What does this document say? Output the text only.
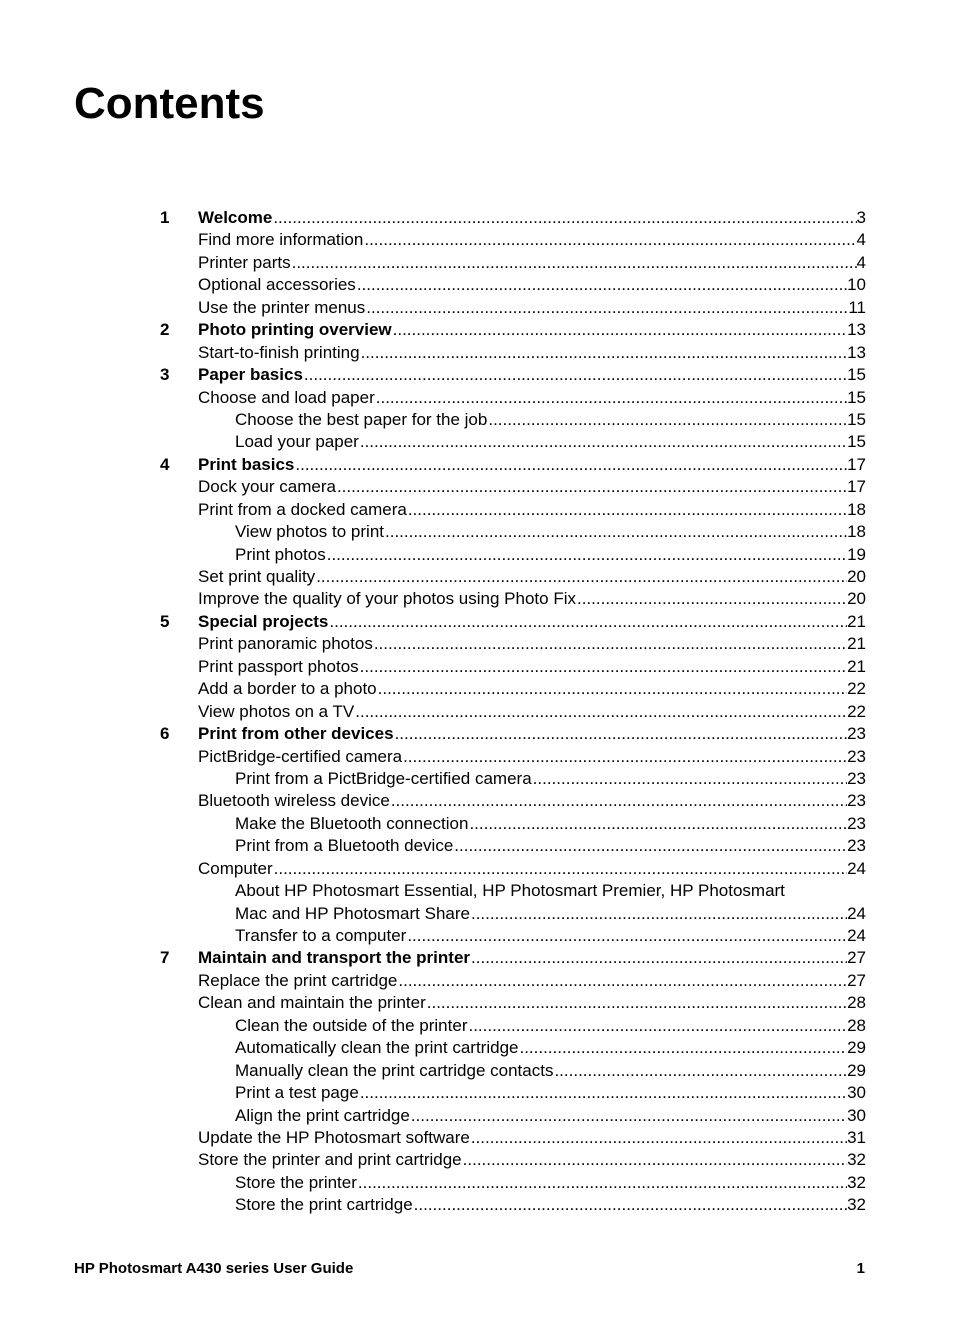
Contents
1 Welcome .....	3
Find more information .....	4
Printer parts .....	4
Optional accessories .....	10
Use the printer menus .....	11
2 Photo printing overview .....	13
Start-to-finish printing .....	13
3 Paper basics .....	15
Choose and load paper .....	15
Choose the best paper for the job .....	15
Load your paper .....	15
4 Print basics .....	17
Dock your camera .....	17
Print from a docked camera .....	18
View photos to print .....	18
Print photos .....	19
Set print quality .....	20
Improve the quality of your photos using Photo Fix .....	20
5 Special projects .....	21
Print panoramic photos .....	21
Print passport photos .....	21
Add a border to a photo .....	22
View photos on a TV .....	22
6 Print from other devices .....	23
PictBridge-certified camera .....	23
Print from a PictBridge-certified camera .....	23
Bluetooth wireless device .....	23
Make the Bluetooth connection .....	23
Print from a Bluetooth device .....	23
Computer .....	24
About HP Photosmart Essential, HP Photosmart Premier, HP Photosmart
Mac and HP Photosmart Share .....	24
Transfer to a computer .....	24
7 Maintain and transport the printer .....	27
Replace the print cartridge .....	27
Clean and maintain the printer .....	28
Clean the outside of the printer .....	28
Automatically clean the print cartridge .....	29
Manually clean the print cartridge contacts .....	29
Print a test page .....	30
Align the print cartridge .....	30
Update the HP Photosmart software .....	31
Store the printer and print cartridge .....	32
Store the printer .....	32
Store the print cartridge .....	32
HP Photosmart A430 series User Guide	1
